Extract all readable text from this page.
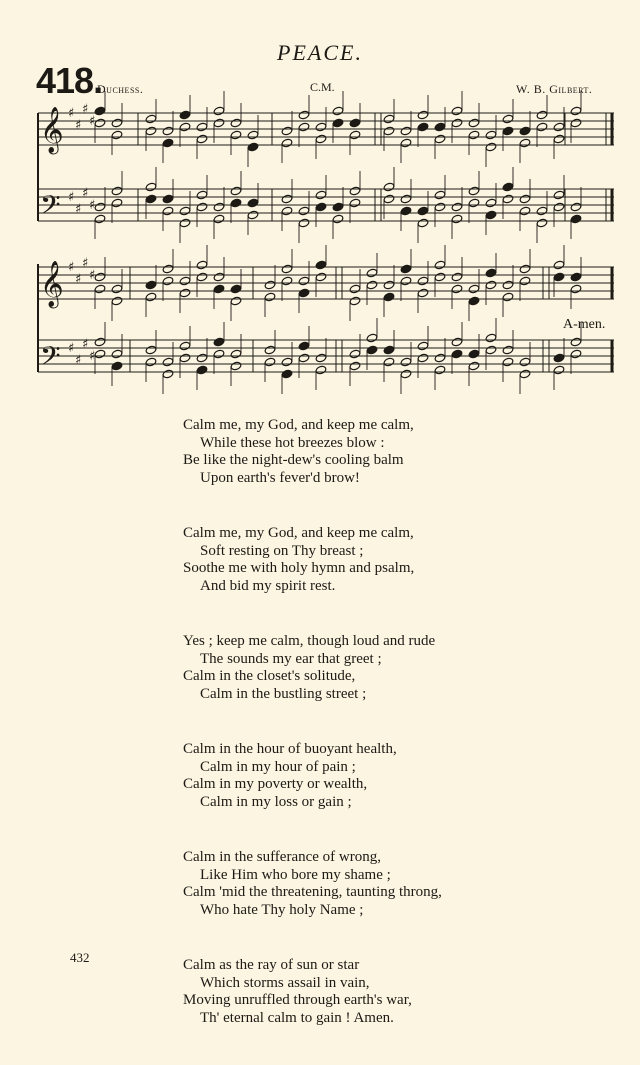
PEACE.
418.
Duchess.	C.M.	W. B. Gilbert.
𝄞 ♯
♯
♯
♯
𝄢 ♯
♯
♯
♯
𝄞 ♯
♯
♯
♯
𝄢 ♯
♯
♯
♯
A-men.
Calm me, my God, and keep me calm,
While these hot breezes blow :
Be like the night-dew's cooling balm
Upon earth's fever'd brow!
Calm me, my God, and keep me calm,
Soft resting on Thy breast ;
Soothe me with holy hymn and psalm,
And bid my spirit rest.
Yes ; keep me calm, though loud and rude
The sounds my ear that greet ;
Calm in the closet's solitude,
Calm in the bustling street ;
Calm in the hour of buoyant health,
Calm in my hour of pain ;
Calm in my poverty or wealth,
Calm in my loss or gain ;
Calm in the sufferance of wrong,
Like Him who bore my shame ;
Calm 'mid the threatening, taunting throng,
Who hate Thy holy Name ;
Calm as the ray of sun or star
Which storms assail in vain,
Moving unruffled through earth's war,
Th' eternal calm to gain ! Amen.
432
